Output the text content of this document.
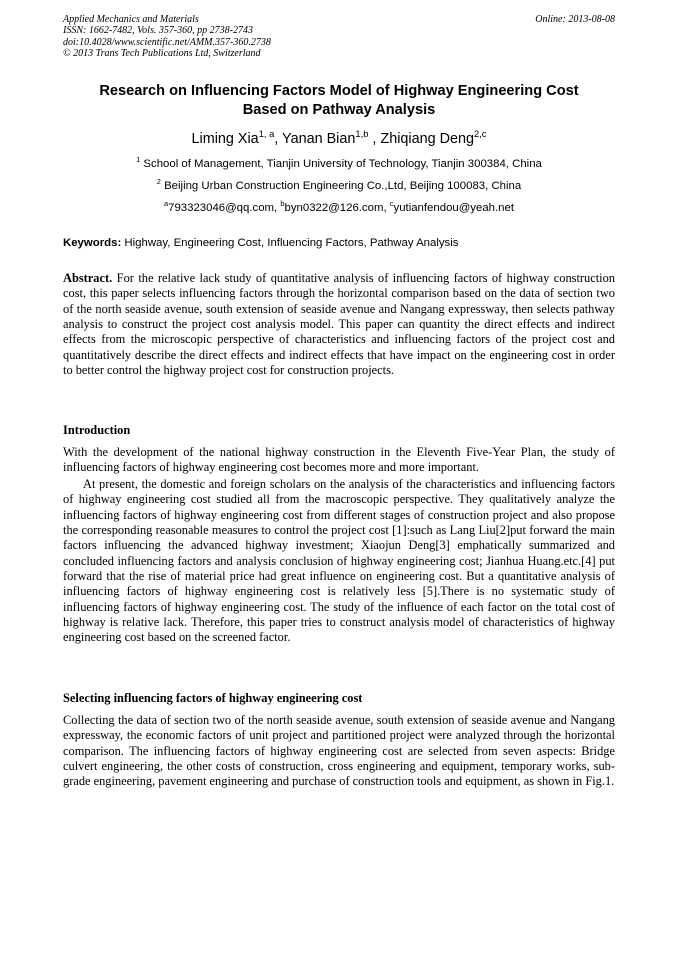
Applied Mechanics and Materials
ISSN: 1662-7482, Vols. 357-360, pp 2738-2743
doi:10.4028/www.scientific.net/AMM.357-360.2738
© 2013 Trans Tech Publications Ltd, Switzerland
Online: 2013-08-08
Research on Influencing Factors Model of Highway Engineering Cost
Based on Pathway Analysis
Liming Xia$^{1, a}$, Yanan Bian$^{1,b}$ , Zhiqiang Deng$^{2,c}$
$^1$ School of Management, Tianjin University of Technology, Tianjin 300384, China
$^2$ Beijing Urban Construction Engineering Co.,Ltd, Beijing 100083, China
$^a$793323046@qq.com, $^b$byn0322@126.com, $^c$yutianfendou@yeah.net
Keywords: Highway, Engineering Cost, Influencing Factors, Pathway Analysis
Abstract. For the relative lack study of quantitative analysis of influencing factors of highway construction cost, this paper selects influencing factors through the horizontal comparison based on the data of section two of the north seaside avenue, south extension of seaside avenue and Nangang expressway, then selects pathway analysis to construct the project cost analysis model. This paper can quantity the direct effects and indirect effects from the microscopic perspective of characteristics and influencing factors of the project cost and quantitatively describe the direct effects and indirect effects that have impact on the engineering cost in order to better control the highway project cost for construction projects.
Introduction
With the development of the national highway construction in the Eleventh Five-Year Plan, the study of influencing factors of highway engineering cost becomes more and more important.
At present, the domestic and foreign scholars on the analysis of the characteristics and influencing factors of highway engineering cost studied all from the macroscopic perspective. They qualitatively analyze the influencing factors of highway engineering cost from different stages of construction project and also propose the corresponding reasonable measures to control the project cost [1]:such as Lang Liu[2]put forward the main factors influencing the advanced highway investment; Xiaojun Deng[3] emphatically summarized and concluded influencing factors and analysis conclusion of highway engineering cost; Jianhua Huang.etc.[4] put forward that the rise of material price had great influence on engineering cost. But a quantitative analysis of influencing factors of highway engineering cost is relatively less [5].There is no systematic study of influencing factors of highway engineering cost. The study of the influence of each factor on the total cost of highway is relative lack. Therefore, this paper tries to construct analysis model of characteristics of highway engineering cost based on the screened factor.
Selecting influencing factors of highway engineering cost
Collecting the data of section two of the north seaside avenue, south extension of seaside avenue and Nangang expressway, the economic factors of unit project and partitioned project were analyzed through the horizontal comparison. The influencing factors of highway engineering cost are selected from seven aspects: Bridge culvert engineering, the other costs of construction, cross engineering and equipment, temporary works, sub-grade engineering, pavement engineering and purchase of construction tools and equipment, as shown in Fig.1.
